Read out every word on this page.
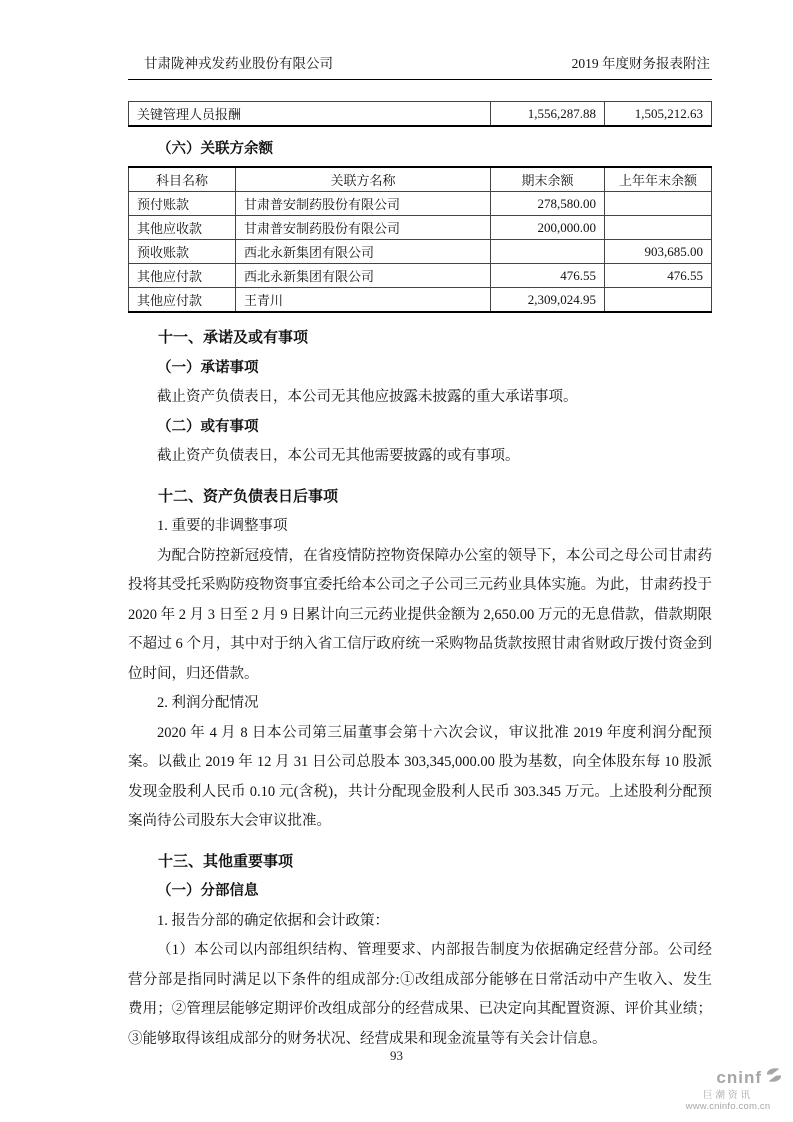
甘肃陇神戎发药业股份有限公司	2019 年度财务报表附注
关键管理人员报酬	1,556,287.88	1,505,212.63
（六）关联方余额
科目名称	关联方名称	期末余额	上年年末余额
预付账款	甘肃普安制药股份有限公司	278,580.00	
其他应收款	甘肃普安制药股份有限公司	200,000.00	
预收账款	西北永新集团有限公司		903,685.00
其他应付款	西北永新集团有限公司	476.55	476.55
其他应付款	王青川	2,309,024.95	
十一、承诺及或有事项
（一）承诺事项

截止资产负债表日，本公司无其他应披露未披露的重大承诺事项。

（二）或有事项

截止资产负债表日，本公司无其他需要披露的或有事项。

十二、资产负债表日后事项
1. 重要的非调整事项

为配合防控新冠疫情，在省疫情防控物资保障办公室的领导下，本公司之母公司甘肃药投将其受托采购防疫物资事宜委托给本公司之子公司三元药业具体实施。为此，甘肃药投于 2020 年 2 月 3 日至 2 月 9 日累计向三元药业提供金额为 2,650.00 万元的无息借款，借款期限不超过 6 个月，其中对于纳入省工信厅政府统一采购物品货款按照甘肃省财政厅拨付资金到位时间，归还借款。

2. 利润分配情况

2020 年 4 月 8 日本公司第三届董事会第十六次会议，审议批准 2019 年度利润分配预案。以截止 2019 年 12 月 31 日公司总股本 303,345,000.00 股为基数，向全体股东每 10 股派发现金股利人民币 0.10 元(含税)，共计分配现金股利人民币 303.345 万元。上述股利分配预案尚待公司股东大会审议批准。

十三、其他重要事项
（一）分部信息
1. 报告分部的确定依据和会计政策：

（1）本公司以内部组织结构、管理要求、内部报告制度为依据确定经营分部。公司经营分部是指同时满足以下条件的组成部分:①改组成部分能够在日常活动中产生收入、发生费用；②管理层能够定期评价改组成部分的经营成果、已决定向其配置资源、评价其业绩；③能够取得该组成部分的财务状况、经营成果和现金流量等有关会计信息。

93
cninf
巨潮资讯
www.cninfo.com.cn
